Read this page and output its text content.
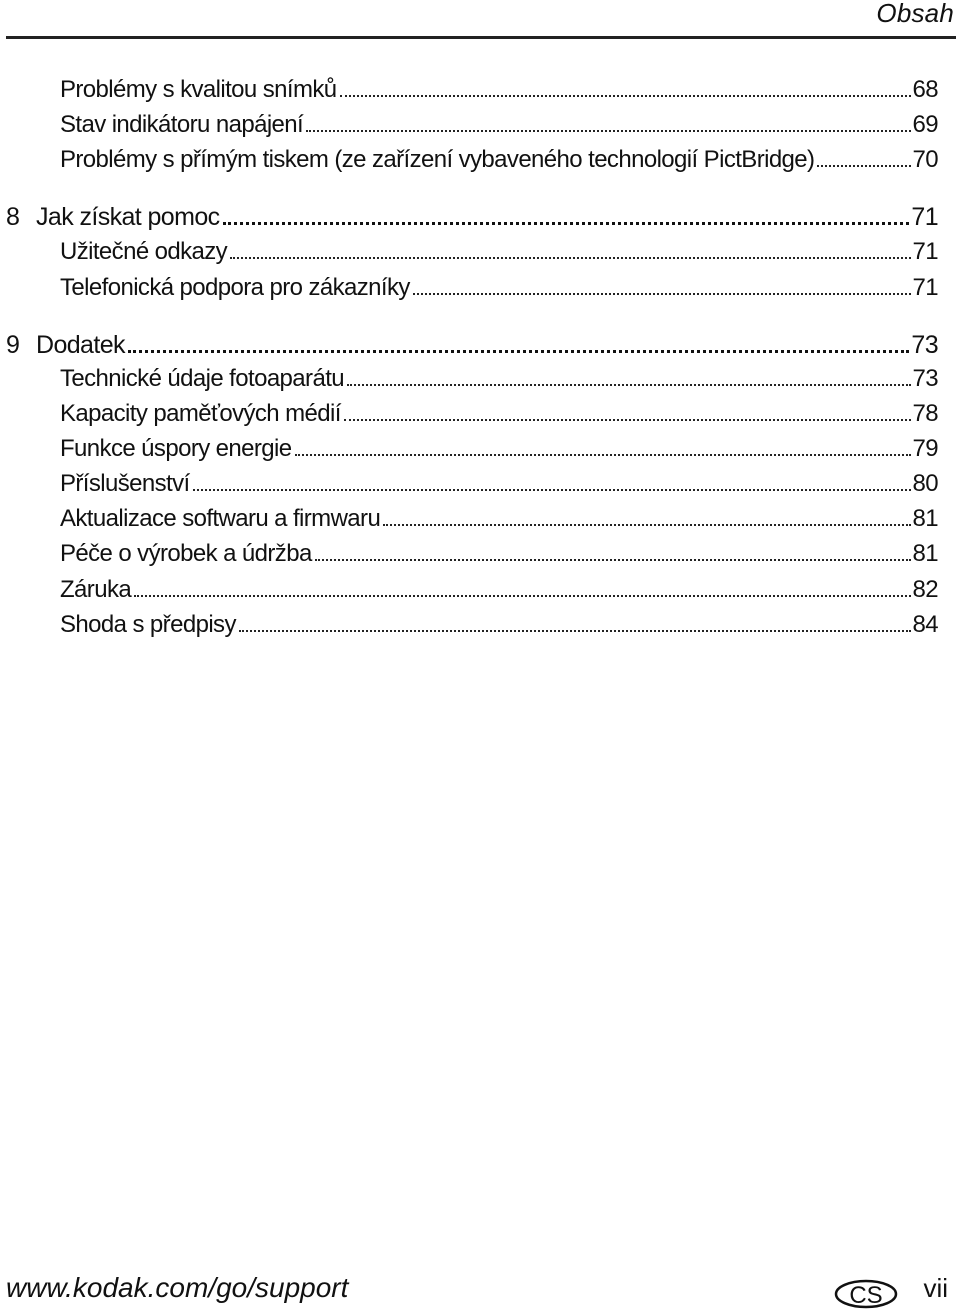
Obsah
Problémy s kvalitou snímků	68
Stav indikátoru napájení	69
Problémy s přímým tiskem (ze zařízení vybaveného technologií PictBridge)	70
8 Jak získat pomoc	71
Užitečné odkazy	71
Telefonická podpora pro zákazníky	71
9 Dodatek	73
Technické údaje fotoaparátu	73
Kapacity paměťových médií	78
Funkce úspory energie	79
Příslušenství	80
Aktualizace softwaru a firmwaru	81
Péče o výrobek a údržba	81
Záruka	82
Shoda s předpisy	84
www.kodak.com/go/support	CS vii
